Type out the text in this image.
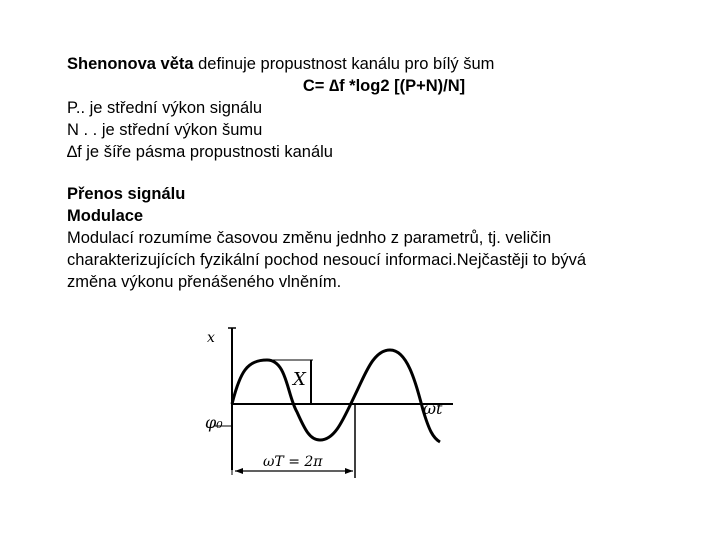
Shenonova věta definuje propustnost kanálu pro bílý šum
C= ∆f *log2 [(P+N)/N]
P.. je střední výkon signálu
N . . je střední výkon šumu
∆f je šíře pásma propustnosti kanálu
Přenos signálu
Modulace
Modulací rozumíme časovou změnu jednho z parametrů, tj. veličin
charakterizujících fyzikální pochod nesoucí informaci.Nejčastěji to bývá
změna výkonu přenášeného vlněním.
x
X
φ₀
ωt
ωT = 2π
